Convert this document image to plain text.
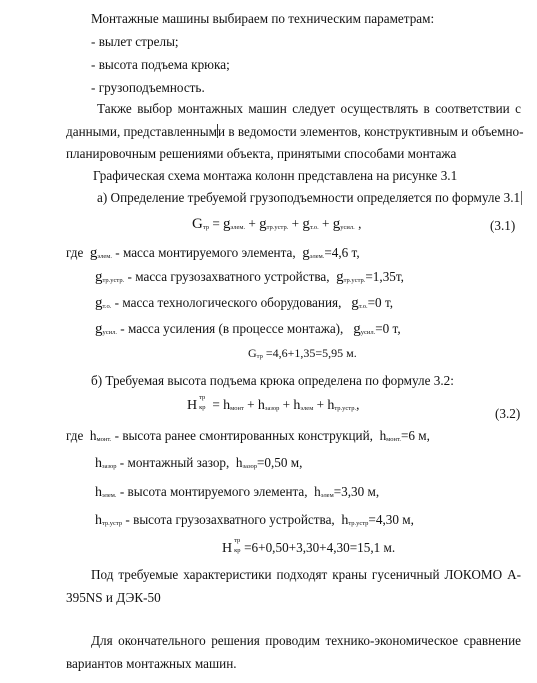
Монтажные машины выбираем по техническим параметрам:
- вылет стрелы;
- высота подъема крюка;
- грузоподъемность.
Также выбор монтажных машин следует осуществлять в соответствии с
данными, представленными в ведомости элементов, конструктивным и объемно-
планировочным решениями объекта, принятыми способами монтажа
Графическая схема монтажа колонн представлена на рисунке 3.1
а) Определение требуемой грузоподъемности определяется по формуле 3.1
Gтр = gэлем. + gтр.устр. + gт.о. + gусил. ,	(3.1)
где gэлем. - масса монтируемого элемента, gэлем.=4,6 т,
gтр.устр. - масса грузозахватного устройства, gтр.устр.=1,35т,
gт.о. - масса технологического оборудования, gт.о.=0 т,
gусил. - масса усиления (в процессе монтажа), gусил.=0 т,
Gтр =4,6+1,35=5,95 м.
б) Требуемая высота подъема крюка определена по формуле 3.2:
H
тр
кр = hмонт + hзазор + hэлем + hтр.устр.,
(3.2)
где hмонт. - высота ранее смонтированных конструкций, hмонт.=6 м,
hзазор - монтажный зазор, hзазор=0,50 м,
hэлем. - высота монтируемого элемента, hэлем=3,30 м,
hтр.устр - высота грузозахватного устройства, hтр.устр=4,30 м,
H
тр
кр =6+0,50+3,30+4,30=15,1 м.
Под требуемые характеристики подходят краны гусеничный ЛОКОМО А-
395NS и ДЭК-50
Для окончательного решения проводим технико-экономическое сравнение
вариантов монтажных машин.
